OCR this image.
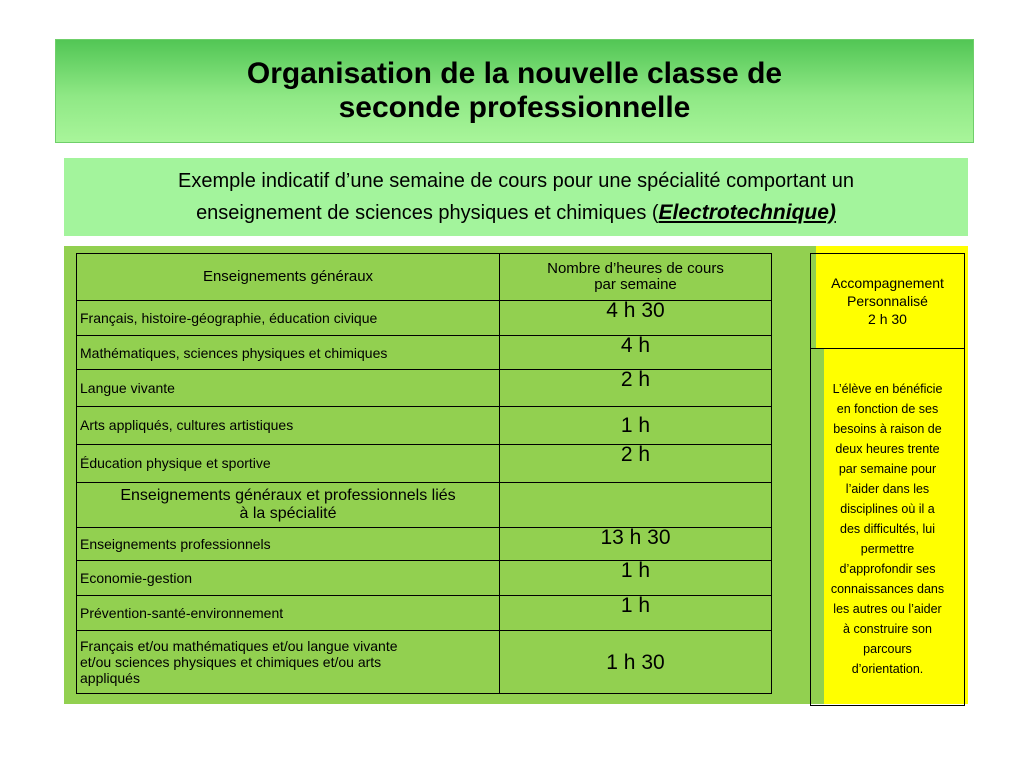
Organisation de la nouvelle classe de
seconde professionnelle

Exemple indicatif d’une semaine de cours pour une spécialité comportant un
enseignement de sciences physiques et chimiques (Electrotechnique)

Enseignements généraux	Nombre d’heures de cours
par semaine

Français, histoire-géographie, éducation civique	4 h 30
Mathématiques, sciences physiques et chimiques	4 h
Langue vivante	2 h
Arts appliqués, cultures artistiques	1 h
Éducation physique et sportive	2 h

Enseignements généraux et professionnels liés
à la spécialité	

Enseignements professionnels	13 h 30
Economie-gestion	1 h
Prévention-santé-environnement	1 h

Français et/ou mathématiques et/ou langue vivante
et/ou sciences physiques et chimiques et/ou arts
appliqués	1 h 30
Accompagnement
Personnalisé
2 h 30
L’élève en bénéficie
en fonction de ses
besoins à raison de
deux heures trente
par semaine pour
l’aider dans les
disciplines où il a
des difficultés, lui
permettre
d’approfondir ses
connaissances dans
les autres ou l’aider
à construire son
parcours
d’orientation.
